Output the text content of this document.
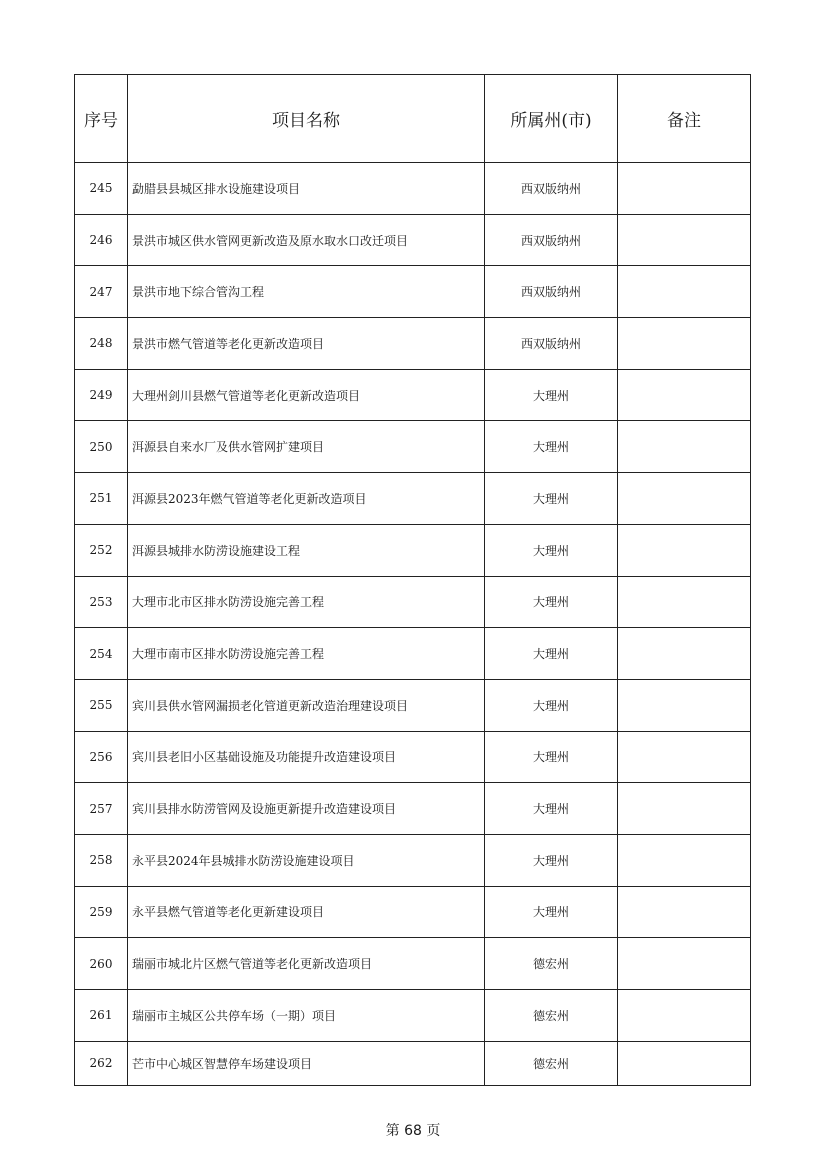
序号	项目名称	所属州(市)	备注
245	勐腊县县城区排水设施建设项目	西双版纳州	
246	景洪市城区供水管网更新改造及原水取水口改迁项目	西双版纳州	
247	景洪市地下综合管沟工程	西双版纳州	
248	景洪市燃气管道等老化更新改造项目	西双版纳州	
249	大理州剑川县燃气管道等老化更新改造项目	大理州	
250	洱源县自来水厂及供水管网扩建项目	大理州	
251	洱源县2023年燃气管道等老化更新改造项目	大理州	
252	洱源县城排水防涝设施建设工程	大理州	
253	大理市北市区排水防涝设施完善工程	大理州	
254	大理市南市区排水防涝设施完善工程	大理州	
255	宾川县供水管网漏损老化管道更新改造治理建设项目	大理州	
256	宾川县老旧小区基础设施及功能提升改造建设项目	大理州	
257	宾川县排水防涝管网及设施更新提升改造建设项目	大理州	
258	永平县2024年县城排水防涝设施建设项目	大理州	
259	永平县燃气管道等老化更新建设项目	大理州	
260	瑞丽市城北片区燃气管道等老化更新改造项目	德宏州	
261	瑞丽市主城区公共停车场（一期）项目	德宏州	
262	芒市中心城区智慧停车场建设项目	德宏州	
第 68 页
